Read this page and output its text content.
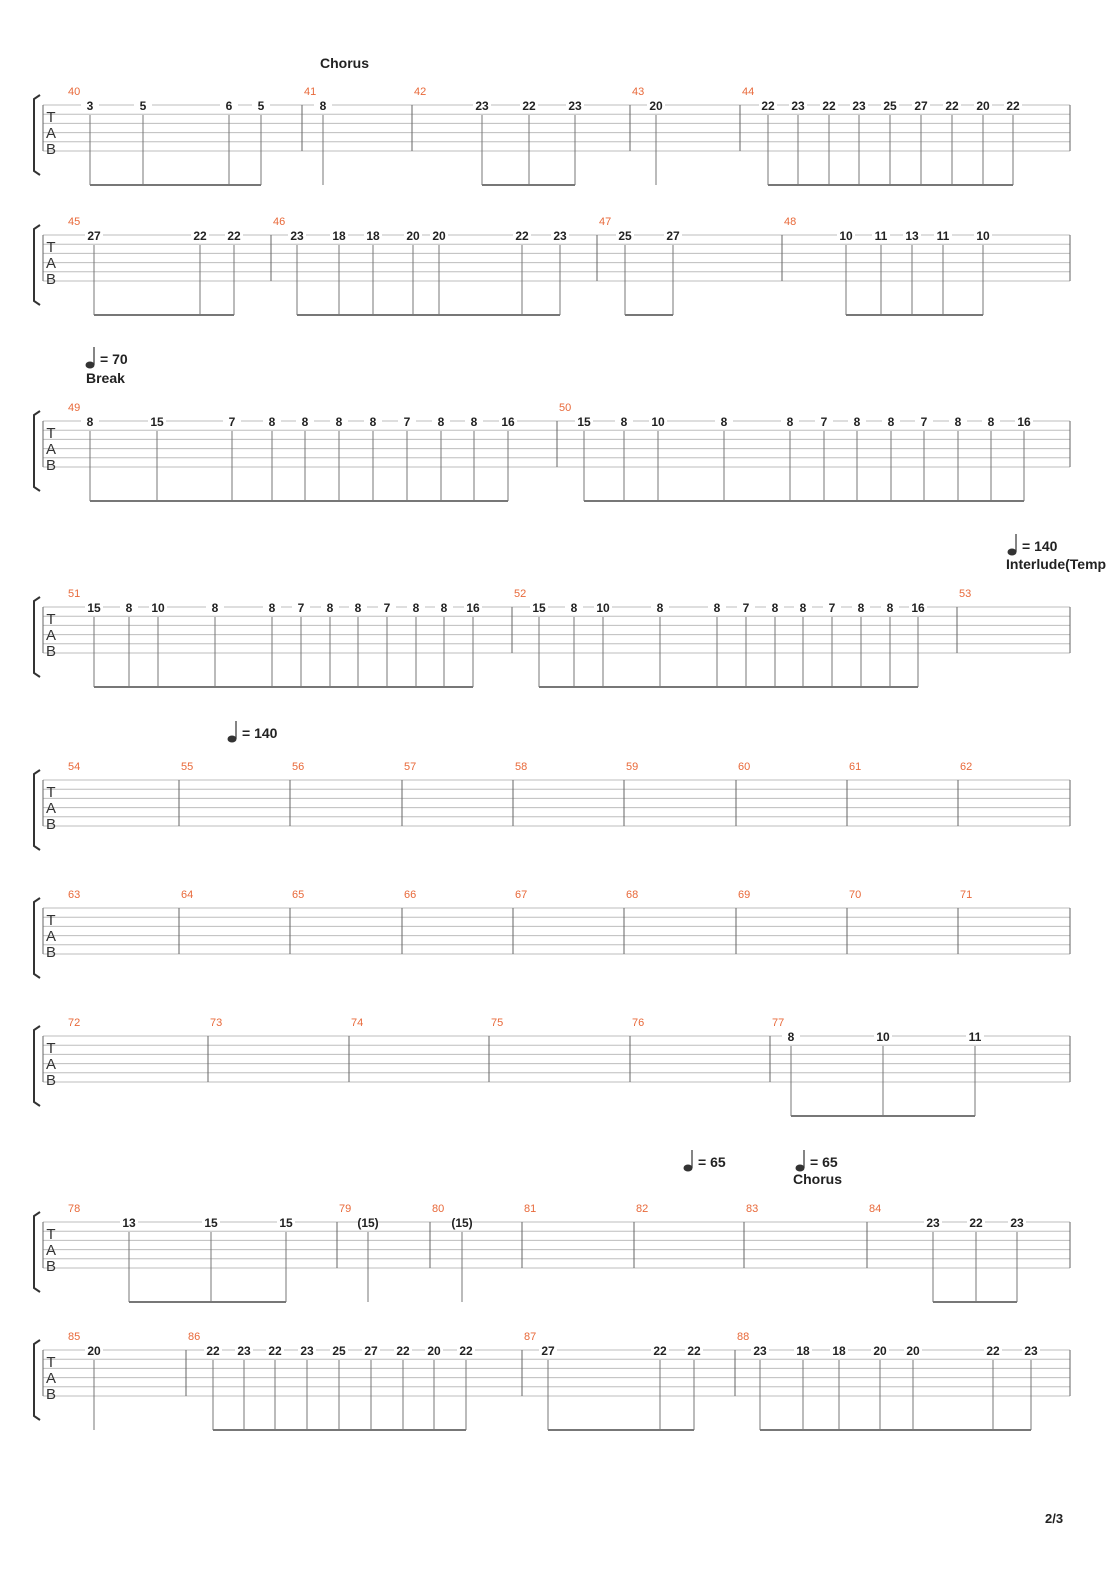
T
A
B
40
3	5	6 5
41
8
42
23	22	23
43
20
44
22 23 22 23 25 27 22 20 22
Chorus
T
A
B
45
27	22 22
46
23 18 18 20 20	22 23
47
25	27
48
10 11 13 11 10
T
A
B
49
8	15	7	8 8 8 8 7 8 8 16
50
15 8 10	8	8 7 8 8 7 8 8 16
Break
= 70
T
A
B
51
15 8 10	8	8 7 8 8 7 8 8 16
52
15 8 10	8	8 7 8 8 7 8 8 16
53
Interlude(Temp
= 140
T
A
B
54	55	56	57	58	59	60	61	62
= 140
T
A
B
63	64	65	66	67	68	69	70	71
T
A
B
72	73	74	75	76	77
8	10	11
T
A
B
78
13	15	15
79
(15)
80
(15)
81	82	83	84
23 22 23
Chorus
= 65	= 65
T
A
B
85
20
86
22 23 22 23 25 27 22 20 22
87
27	22 22
88
23 18 18 20 20	22 23
2/3
